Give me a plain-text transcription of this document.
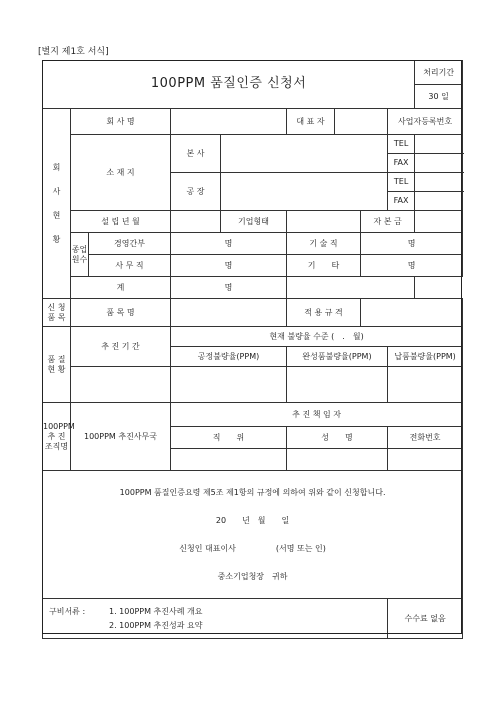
[별지 제1호 서식]
100PPM 품질인증 신청서									처리기간
									30 일

회
사
현
황	회 사 명				대 표 자			사업자등록번호	
	소 재 지		본 사					TEL	
								FAX	
			공 장					TEL	
								FAX	
	설 립 년 월			기업형태			자 본 금		
	종업원수	경영간부	명		기 술 직		명		
		사 무 직	명		기　　타		명		
	계		명						
신 청 품 목	품 목 명				적 용 규 격				
품 질 현 황	추 진 기 간		현재 불량율 수준 (　.　월)						
			공정불량율(PPM)		완성품불량율(PPM)			납품불량율(PPM)	

100PPM 추 진 조직명	100PPM 추진사무국		추 진 책 임 자						
			직　　위		성　　명			전화번호	

100PPM 품질인증요령 제5조 제1항의 규정에 의하여 위와 같이 신청합니다.
20　　년　월　　일
신청인 대표이사　　　　　(서명 또는 인)
중소기업청장　귀하									

구비서류 : 1. 100PPM 추진사례 개요
2. 100PPM 추진성과 요약								수수료 없음	
